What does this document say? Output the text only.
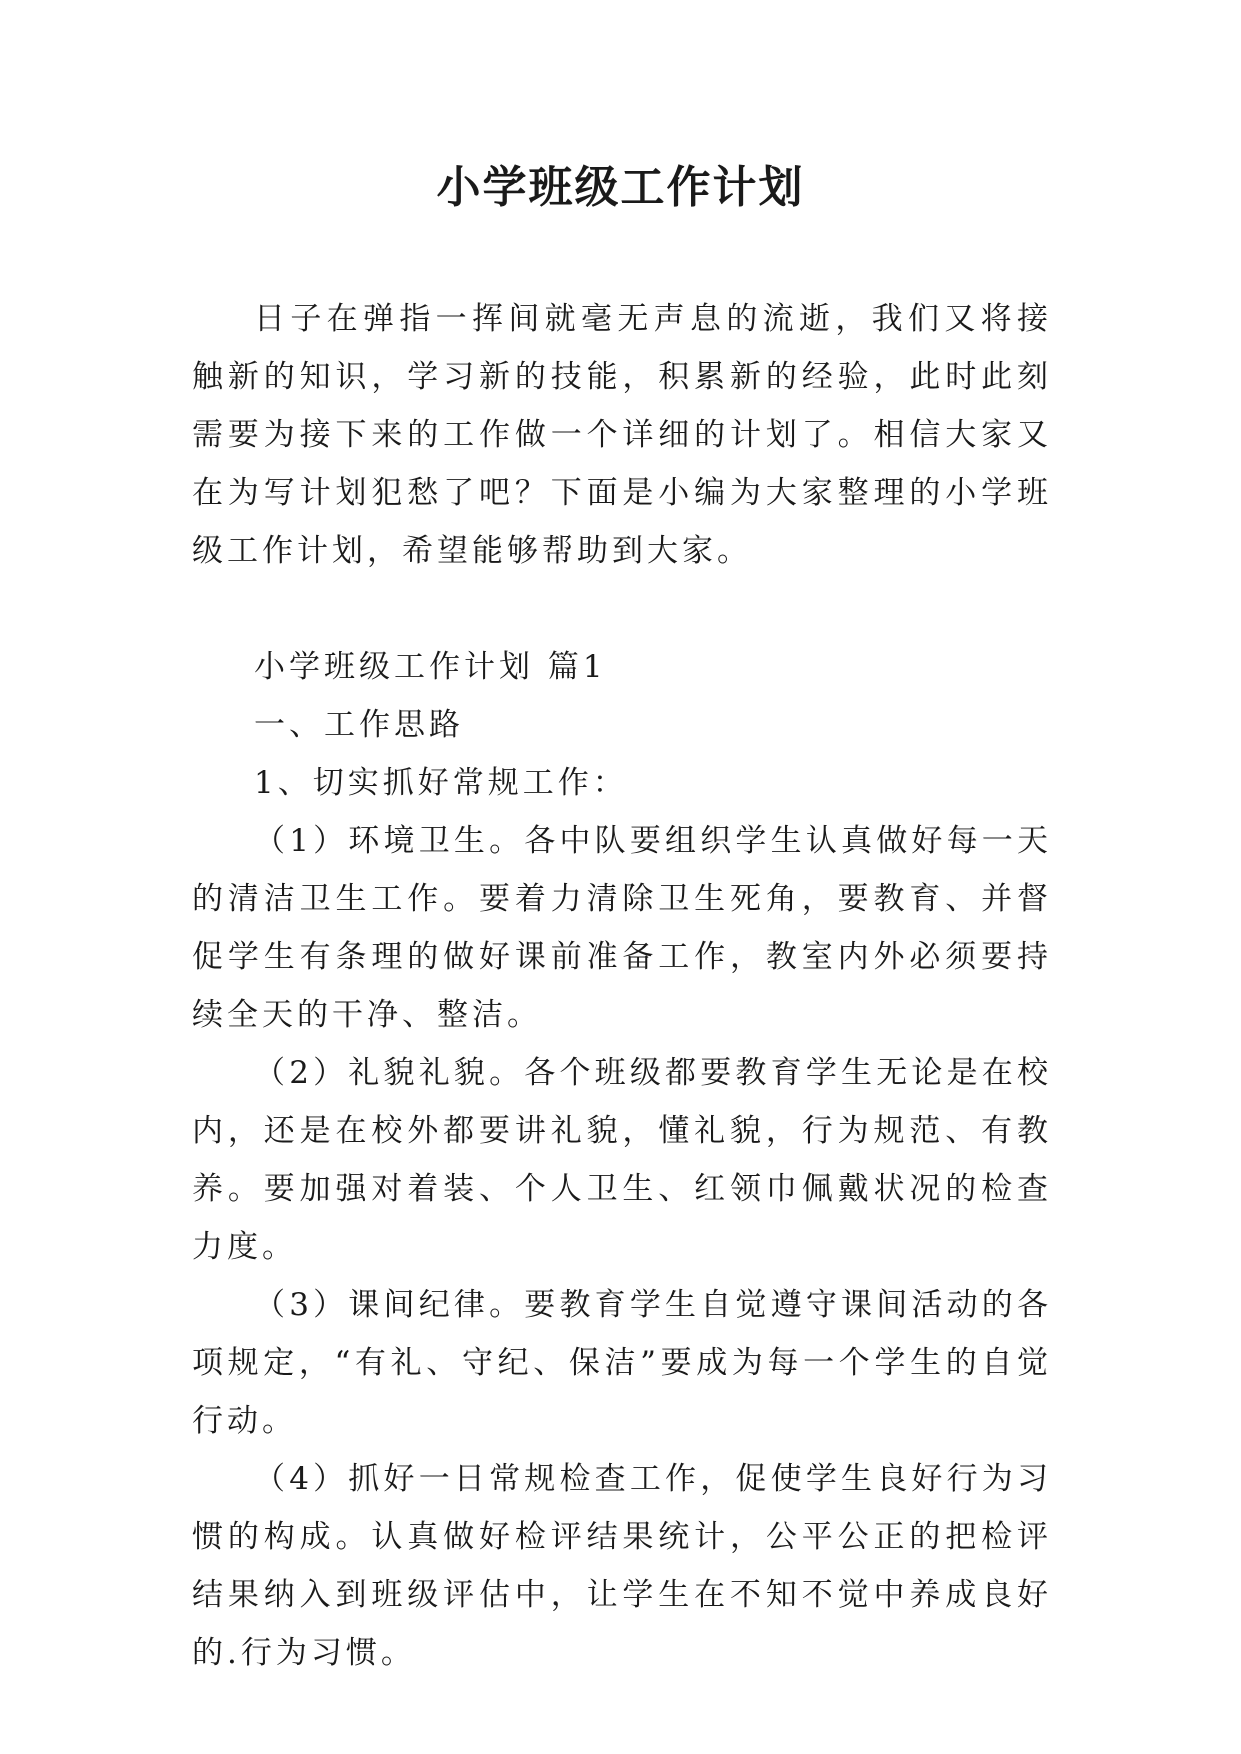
小学班级工作计划

日子在弹指一挥间就毫无声息的流逝，我们又将接触新的知识，学习新的技能，积累新的经验，此时此刻需要为接下来的工作做一个详细的计划了。相信大家又在为写计划犯愁了吧？下面是小编为大家整理的小学班级工作计划，希望能够帮助到大家。

小学班级工作计划 篇1

一、工作思路

1、切实抓好常规工作：

（1）环境卫生。各中队要组织学生认真做好每一天的清洁卫生工作。要着力清除卫生死角，要教育、并督促学生有条理的做好课前准备工作，教室内外必须要持续全天的干净、整洁。

（2）礼貌礼貌。各个班级都要教育学生无论是在校内，还是在校外都要讲礼貌，懂礼貌，行为规范、有教养。要加强对着装、个人卫生、红领巾佩戴状况的检查力度。

（3）课间纪律。要教育学生自觉遵守课间活动的各项规定，“有礼、守纪、保洁”要成为每一个学生的自觉行动。

（4）抓好一日常规检查工作，促使学生良好行为习惯的构成。认真做好检评结果统计，公平公正的把检评结果纳入到班级评估中，让学生在不知不觉中养成良好的.行为习惯。
